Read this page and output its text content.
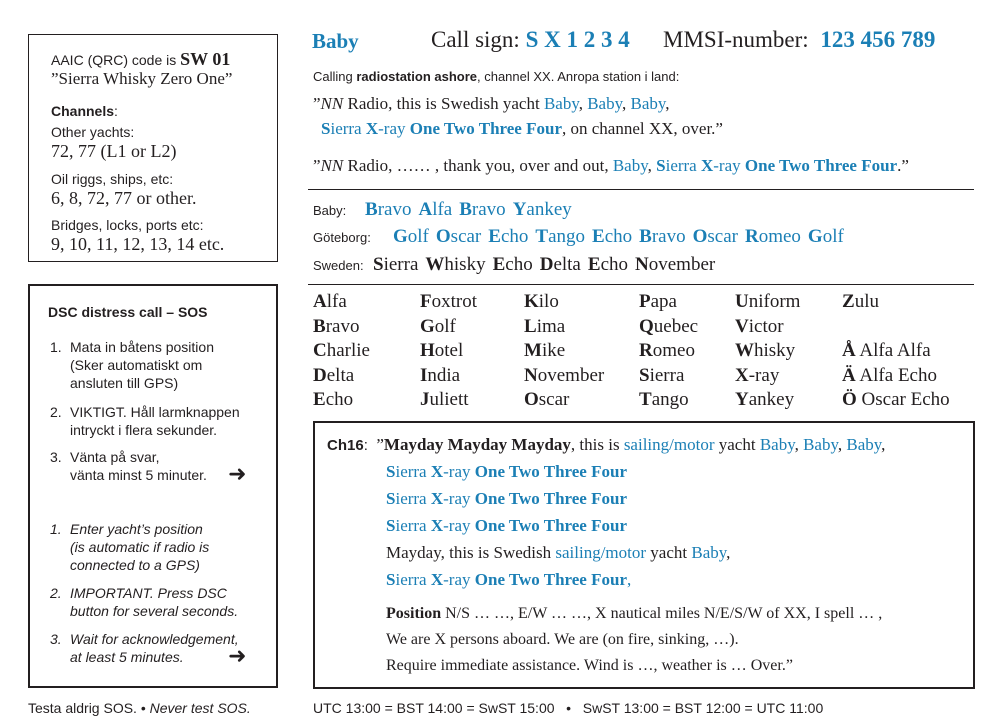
AAIC (QRC) code is SW 01
”Sierra Whisky Zero One”
Channels:
Other yachts:
72, 77 (L1 or L2)
Oil riggs, ships, etc:
6, 8, 72, 77 or other.
Bridges, locks, ports etc:
9, 10, 11, 12, 13, 14 etc.
DSC distress call – SOS
1. Mata in båtens position
(Sker automatiskt om
ansluten till GPS)
2. VIKTIGT. Håll larmknappen
intryckt i flera sekunder.
3. Vänta på svar,
vänta minst 5 minuter. ➜
1. Enter yacht’s position
(is automatic if radio is
connected to a GPS)
2. IMPORTANT. Press DSC
button for several seconds.
3. Wait for acknowledgement,
at least 5 minutes.	➜
Testa aldrig SOS. • Never test SOS.
Baby	Call sign: S X 1 2 3 4 MMSI-number: 123 456 789
Calling radiostation ashore, channel XX. Anropa station i land:
”NN Radio, this is Swedish yacht Baby, Baby, Baby,
Sierra X-ray One Two Three Four, on channel XX, over.”
”NN Radio, …… , thank you, over and out, Baby, Sierra X-ray One Two Three Four.”
Baby: Bravo Alfa Bravo Yankey
Göteborg: Golf Oscar Echo Tango Echo Bravo Oscar Romeo Golf
Sweden: Sierra Whisky Echo Delta Echo November
Alfa
Bravo
Charlie
Delta
Echo
Foxtrot
Golf
Hotel
India
Juliett
Kilo
Lima
Mike
November
Oscar
Papa
Quebec
Romeo
Sierra
Tango
Uniform
Victor
Whisky
X-ray
Yankey
Zulu
Å Alfa Alfa
Ä Alfa Echo
Ö Oscar Echo
Ch16: ”Mayday Mayday Mayday, this is sailing/motor yacht Baby, Baby, Baby,
Sierra X-ray One Two Three Four
Sierra X-ray One Two Three Four
Sierra X-ray One Two Three Four
Mayday, this is Swedish sailing/motor yacht Baby,
Sierra X-ray One Two Three Four,
Position N/S … …, E/W … …, X nautical miles N/E/S/W of XX, I spell … ,
We are X persons aboard. We are (on fire, sinking, …).
Require immediate assistance. Wind is …, weather is … Over.”
UTC 13:00 = BST 14:00 = SwST 15:00   •   SwST 13:00 = BST 12:00 = UTC 11:00
